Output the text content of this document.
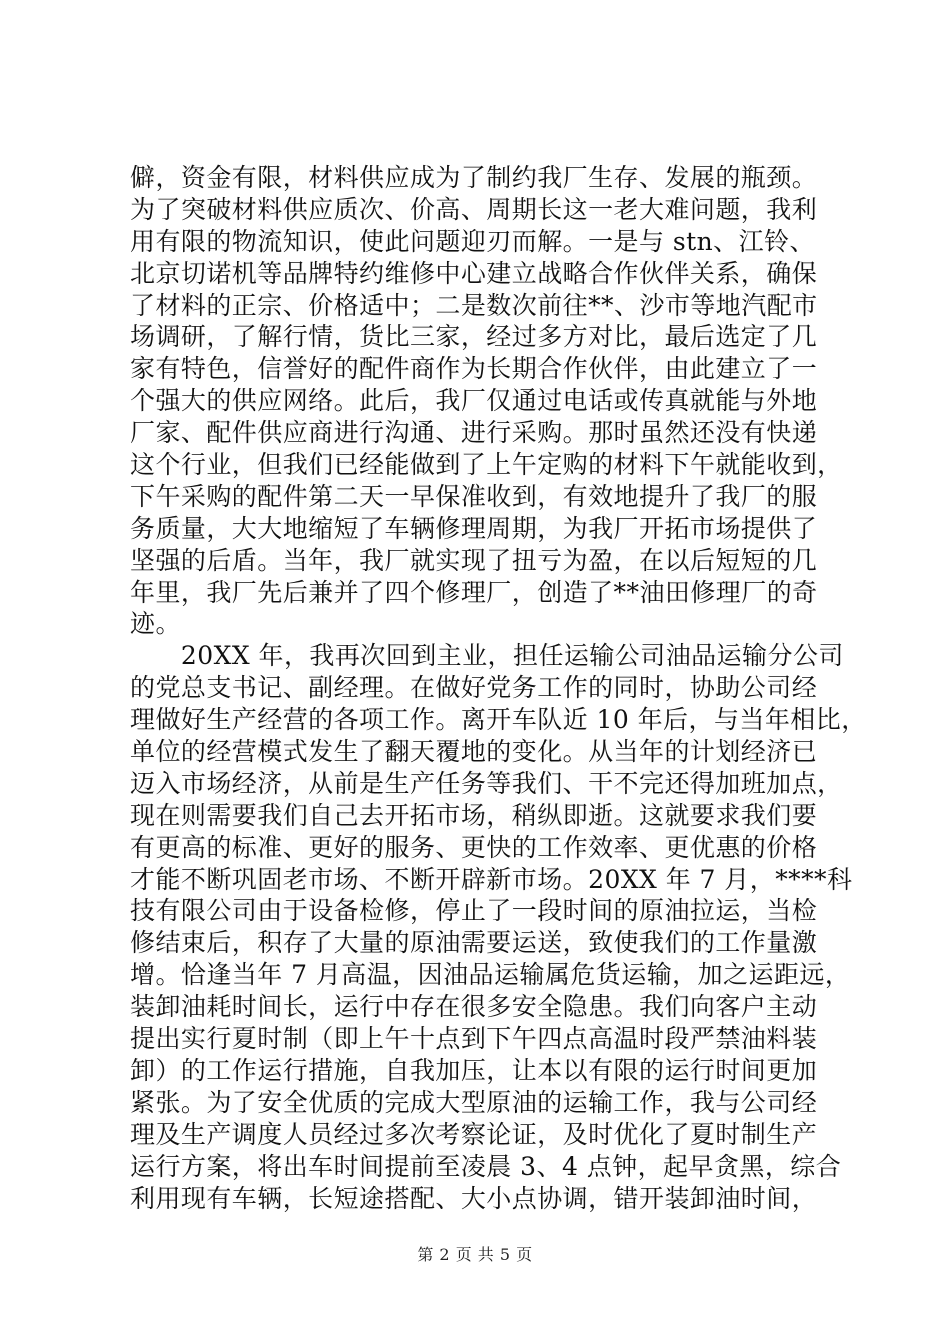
僻，资金有限，材料供应成为了制约我厂生存、发展的瓶颈。
为了突破材料供应质次、价高、周期长这一老大难问题，我利
用有限的物流知识，使此问题迎刃而解。一是与 stn、江铃、
北京切诺机等品牌特约维修中心建立战略合作伙伴关系，确保
了材料的正宗、价格适中；二是数次前往**、沙市等地汽配市
场调研，了解行情，货比三家，经过多方对比，最后选定了几
家有特色，信誉好的配件商作为长期合作伙伴，由此建立了一
个强大的供应网络。此后，我厂仅通过电话或传真就能与外地
厂家、配件供应商进行沟通、进行采购。那时虽然还没有快递
这个行业，但我们已经能做到了上午定购的材料下午就能收到，
下午采购的配件第二天一早保准收到，有效地提升了我厂的服
务质量，大大地缩短了车辆修理周期，为我厂开拓市场提供了
坚强的后盾。当年，我厂就实现了扭亏为盈，在以后短短的几
年里，我厂先后兼并了四个修理厂，创造了**油田修理厂的奇
迹。
　　20XX 年，我再次回到主业，担任运输公司油品运输分公司
的党总支书记、副经理。在做好党务工作的同时，协助公司经
理做好生产经营的各项工作。离开车队近 10 年后，与当年相比，
单位的经营模式发生了翻天覆地的变化。从当年的计划经济已
迈入市场经济，从前是生产任务等我们、干不完还得加班加点，
现在则需要我们自己去开拓市场，稍纵即逝。这就要求我们要
有更高的标准、更好的服务、更快的工作效率、更优惠的价格
才能不断巩固老市场、不断开辟新市场。20XX 年 7 月，****科
技有限公司由于设备检修，停止了一段时间的原油拉运，当检
修结束后，积存了大量的原油需要运送，致使我们的工作量激
增。恰逢当年 7 月高温，因油品运输属危货运输，加之运距远，
装卸油耗时间长，运行中存在很多安全隐患。我们向客户主动
提出实行夏时制（即上午十点到下午四点高温时段严禁油料装
卸）的工作运行措施，自我加压，让本以有限的运行时间更加
紧张。为了安全优质的完成大型原油的运输工作，我与公司经
理及生产调度人员经过多次考察论证，及时优化了夏时制生产
运行方案，将出车时间提前至凌晨 3、4 点钟，起早贪黑，综合
利用现有车辆，长短途搭配、大小点协调，错开装卸油时间，
第 2 页 共 5 页
